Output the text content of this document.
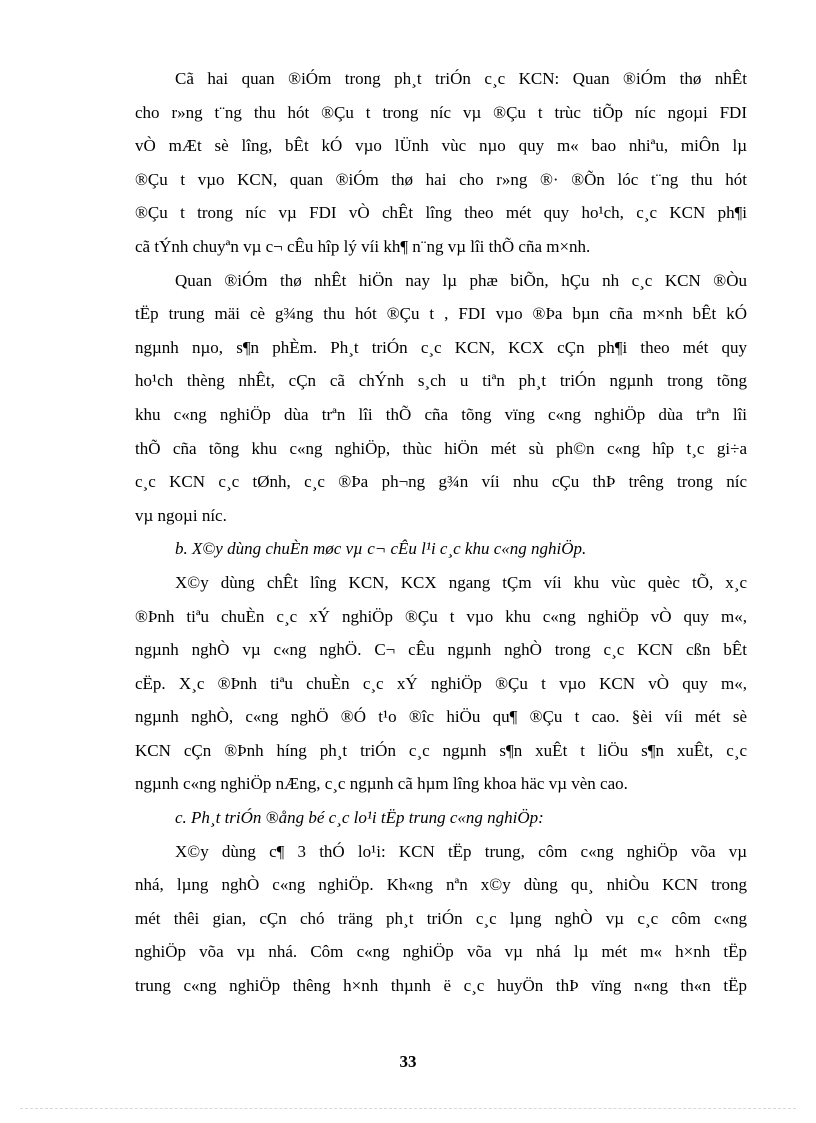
Cã hai quan ®iÓm trong ph¸t triÓn c¸c KCN: Quan ®iÓm thø nhÊt
cho r»ng t¨ng thu hót ®Çu t trong níc vµ ®Çu t trùc tiÕp níc ngoµi FDI
vÒ mÆt sè lîng, bÊt kÓ vµo lÜnh vùc nµo quy m« bao nhiªu, miÔn lµ
®Çu t vµo KCN, quan ®iÓm thø hai cho r»ng ®· ®Õn lóc t¨ng thu hót
®Çu t trong níc vµ FDI vÒ chÊt lîng theo mét quy ho¹ch, c¸c KCN ph¶i
cã tÝnh chuyªn vµ c¬ cÊu hîp lý víi kh¶ n¨ng vµ lîi thÕ cña m×nh.
Quan ®iÓm thø nhÊt hiÖn nay lµ phæ biÕn, hÇu nh c¸c KCN ®Òu
tËp trung mäi cè g¾ng thu hót ®Çu t , FDI vµo ®Þa bµn cña m×nh bÊt kÓ
ngµnh nµo, s¶n phÈm. Ph¸t triÓn c¸c KCN, KCX cÇn ph¶i theo mét quy
ho¹ch thèng nhÊt, cÇn cã chÝnh s¸ch u tiªn ph¸t triÓn ngµnh trong tõng
khu c«ng nghiÖp dùa trªn lîi thÕ cña tõng vïng c«ng nghiÖp dùa trªn lîi
thÕ cña tõng khu c«ng nghiÖp, thùc hiÖn mét sù ph©n c«ng hîp t¸c gi÷a
c¸c KCN c¸c tØnh, c¸c ®Þa ph¬ng g¾n víi nhu cÇu thÞ trêng trong níc
vµ ngoµi níc.
b. X©y dùng chuÈn møc vµ c¬ cÊu l¹i c¸c khu c«ng nghiÖp.
X©y dùng chÊt lîng KCN, KCX ngang tÇm víi khu vùc quèc tÕ, x¸c
®Þnh tiªu chuÈn c¸c xÝ nghiÖp ®Çu t vµo khu c«ng nghiÖp vÒ quy m«,
ngµnh nghÒ vµ c«ng nghÖ. C¬ cÊu ngµnh nghÒ trong c¸c KCN cßn bÊt
cËp. X¸c ®Þnh tiªu chuÈn c¸c xÝ nghiÖp ®Çu t vµo KCN vÒ quy m«,
ngµnh nghÒ, c«ng nghÖ ®Ó t¹o ®îc hiÖu qu¶ ®Çu t cao. §èi víi mét sè
KCN cÇn ®Þnh híng ph¸t triÓn c¸c ngµnh s¶n xuÊt t liÖu s¶n xuÊt, c¸c
ngµnh c«ng nghiÖp nÆng, c¸c ngµnh cã hµm lîng khoa häc vµ vèn cao.
c. Ph¸t triÓn ®ång bé c¸c lo¹i tËp trung c«ng nghiÖp:
X©y dùng c¶ 3 thÓ lo¹i: KCN tËp trung, côm c«ng nghiÖp võa vµ
nhá, lµng nghÒ c«ng nghiÖp. Kh«ng nªn x©y dùng qu¸ nhiÒu KCN trong
mét thêi gian, cÇn chó träng ph¸t triÓn c¸c lµng nghÒ vµ c¸c côm c«ng
nghiÖp võa vµ nhá. Côm c«ng nghiÖp võa vµ nhá lµ mét m« h×nh tËp
trung c«ng nghiÖp thêng h×nh thµnh ë c¸c huyÖn thÞ vïng n«ng th«n tËp
33
